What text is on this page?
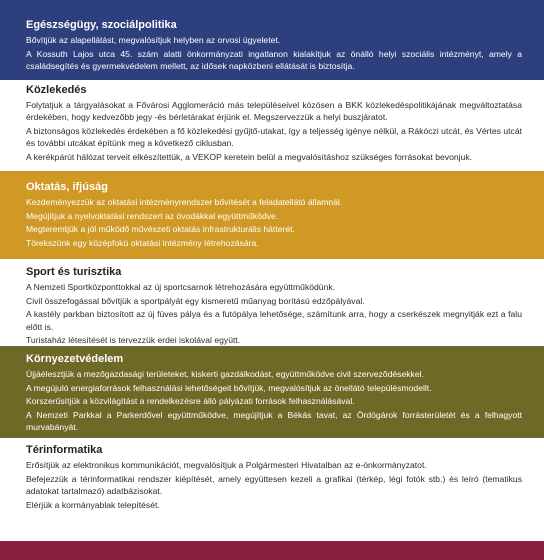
Egészségügy, szociálpolitika

Bővítjük az alapellátást, megvalósítjuk helyben az orvosi ügyeletet.

A Kossuth Lajos utca 45. szám alatti önkormányzati ingatlanon kialakítjuk az önálló helyi szociális intézményt, amely a családsegítés és gyermekvédelem mellett, az idősek napközbeni ellátását is biztosítja.

Közlekedés

Folytatjuk a tárgyalásokat a Fővárosi Agglomeráció más településeivel közösen a BKK közlekedéspolitikájának megváltoztatása érdekében, hogy kedvezőbb jegy -és bérletárakat érjünk el. Megszervezzük a helyi buszjáratot.

A biztonságos közlekedés érdekében a fő közlekedési gyűjtő-utakat, így a teljesség igénye nélkül, a Rákóczi utcát, és Vértes utcát és további utcákat építünk meg a következő ciklusban.

A kerékpárút hálózat terveit elkészítettük, a VEKOP keretein belül a megvalósításhoz szükséges forrásokat bevonjuk.

Oktatás, ifjúság

Kezdeményezzük az oktatási intézményrendszer bővítését a feladatellátó államnál.

Megújítjuk a nyelvoktatási rendszert az óvodákkal együttműködve.

Megteremtjük a jól működő művészeti oktatás infrastrukturális hátterét.

Törekszünk egy középfokú oktatási intézmény létrehozására.

Sport és turisztika

A Nemzeti Sportközponttokkal az új sportcsarnok létrehozására együttműködünk.

Civil összefogással bővítjük a sportpályát egy kismeretű műanyag borítású edzőpályával.

A kastély parkban biztosított az új füves pálya és a futópálya lehetősége, számítunk arra, hogy a cserkészek megnyitják ezt a falu előtt is.

Turistaház létesítését is tervezzük erdei iskolával együtt.

Környezetvédelem

Újjáélesztjük a mezőgazdasági területeket, kiskerti gazdálkodást, együttműködve civil szervezõdésekkel.

A megújuló energiaforrások felhasználási lehetőségeit bővítjük, megvalósítjuk az önellátó településmodellt.

Korszerűsítjük a közvilágítást a rendelkezésre álló pályázati források felhasználásával.

A Nemzeti Parkkal a Parkerdővel együttműködve, megújítjuk a Békás tavat, az Ördögárok forrásterületét és a felhagyott murvabányát.

Térinformatika

Erősítjük az elektronikus kommunikációt, megvalósítjuk a Polgármesteri Hivatalban az e-önkormányzatot.

Befejezzük a térinformatikai rendszer kiépítését, amely együttesen kezeli a grafikai (térkép, légi fotók stb.) és leíró (tematikus adatokat tartalmazó) adatbázisokat.

Elérjük a kormányablak telepítését.
